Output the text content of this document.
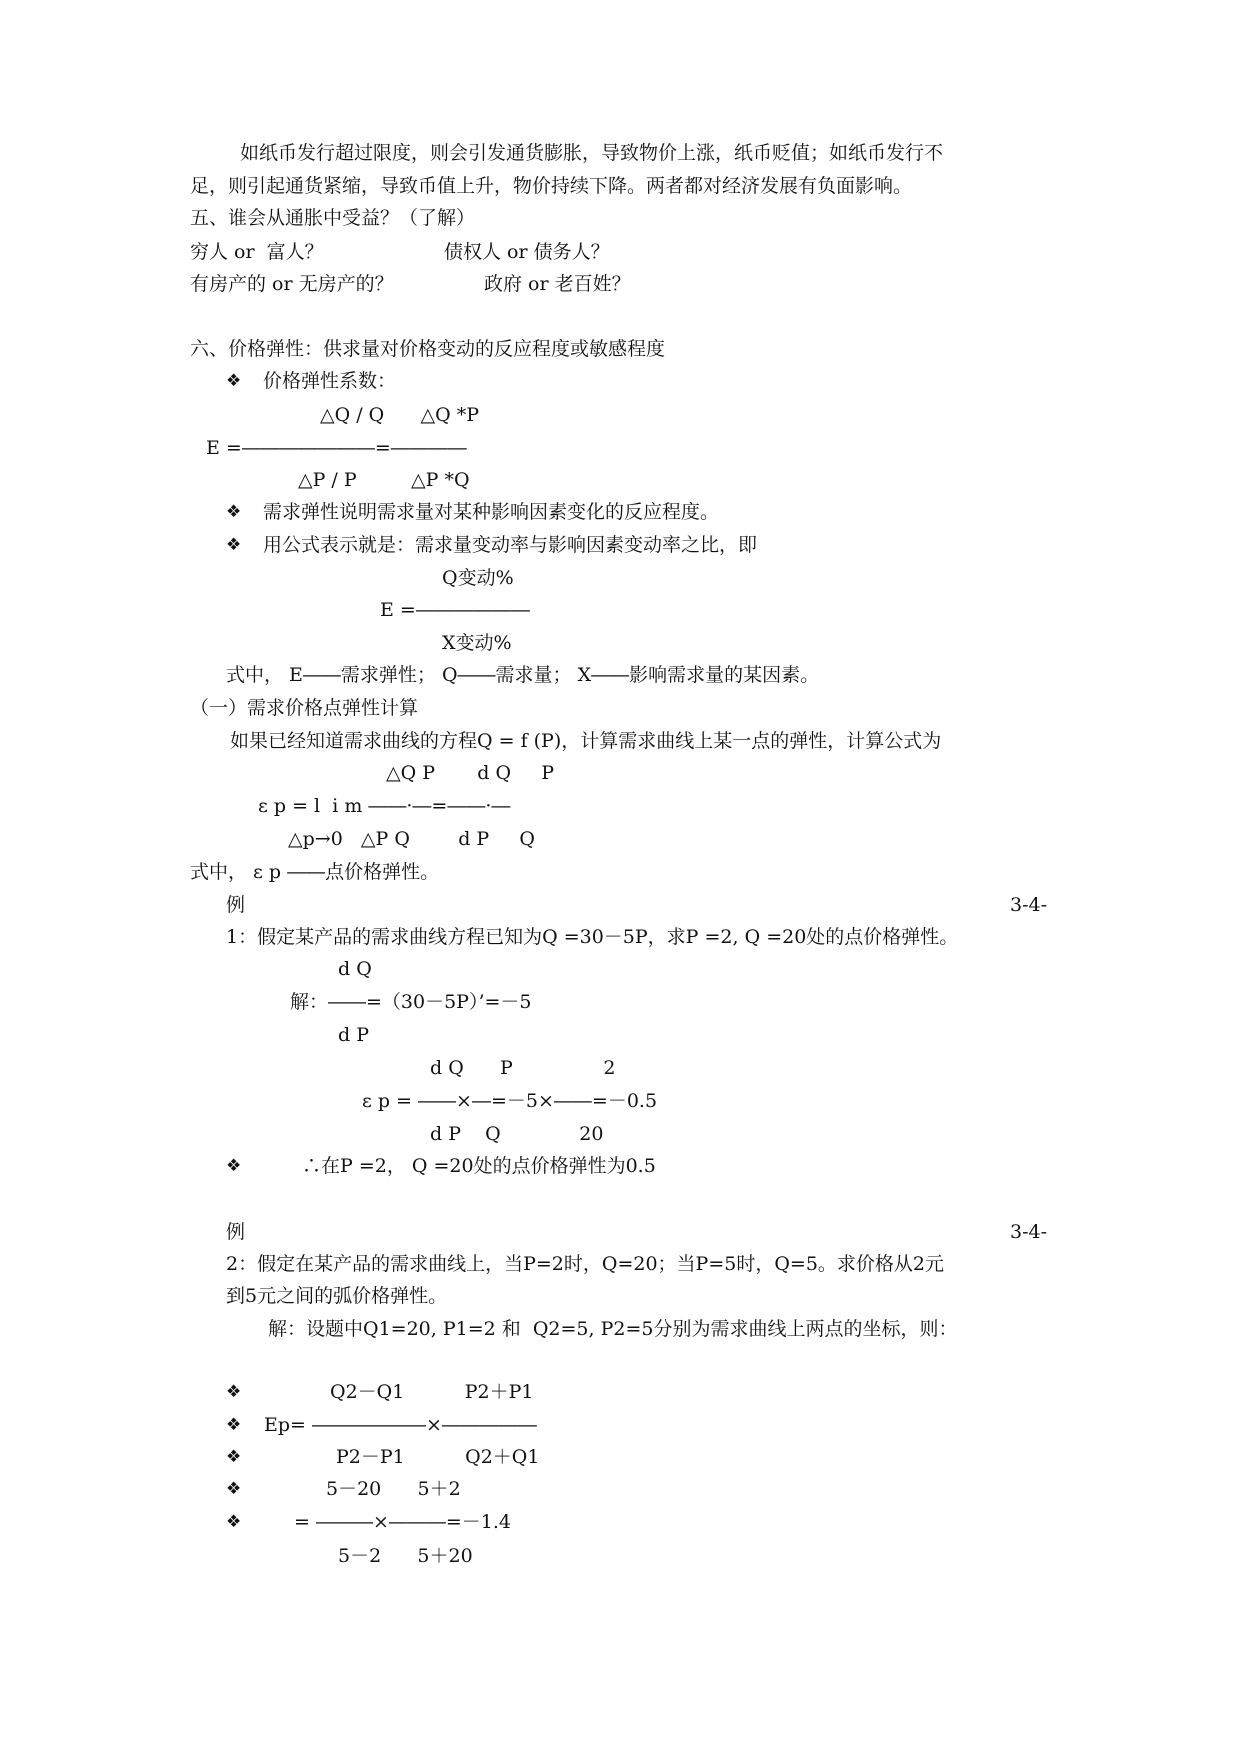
如纸币发行超过限度，则会引发通货膨胀，导致物价上涨，纸币贬值；如纸币发行不
足，则引起通货紧缩，导致币值上升，物价持续下降。两者都对经济发展有负面影响。
五、谁会从通胀中受益？（了解）
穷人 or  富人？	债权人 or 债务人？
有房产的 or 无房产的？	政府 or 老百姓？
六、价格弹性：供求量对价格变动的反应程度或敏感程度
价格弹性系数：
△Q / Q      △Q *P
E =―――――――=――――
△P / P         △P *Q
需求弹性说明需求量对某种影响因素变化的反应程度。
用公式表示就是：需求量变动率与影响因素变动率之比，即
Q变动%
E =――――――
X变动%
式中， E――需求弹性； Q――需求量； X――影响需求量的某因素。
（一）需求价格点弹性计算
如果已经知道需求曲线的方程Q = f (P)，计算需求曲线上某一点的弹性，计算公式为
△Q P       d Q     P
ε p = l  i m ――·―=――·―
△p→0   △P Q        d P     Q
式中， ε p ――点价格弹性。
例	3-4-
1：假定某产品的需求曲线方程已知为Q =30－5P，求P =2, Q =20处的点价格弹性。
d Q
解：――=（30－5P）’=－5
d P
d Q      P               2
ε p = ――×―=－5×――=－0.5
d P    Q             20
∴在P =2， Q =20处的点价格弹性为0.5
例	3-4-
2：假定在某产品的需求曲线上，当P=2时，Q=20；当P=5时，Q=5。求价格从2元
到5元之间的弧价格弹性。
解：设题中Q1=20, P1=2 和  Q2=5, P2=5分别为需求曲线上两点的坐标，则：
Q2－Q1          P2＋P1
Ep= ――――――×―――――
P2－P1          Q2＋Q1
5－20      5＋2
= ―――×―――=－1.4
5－2      5＋20
❖
❖
❖
❖
❖
❖
❖
❖
❖
